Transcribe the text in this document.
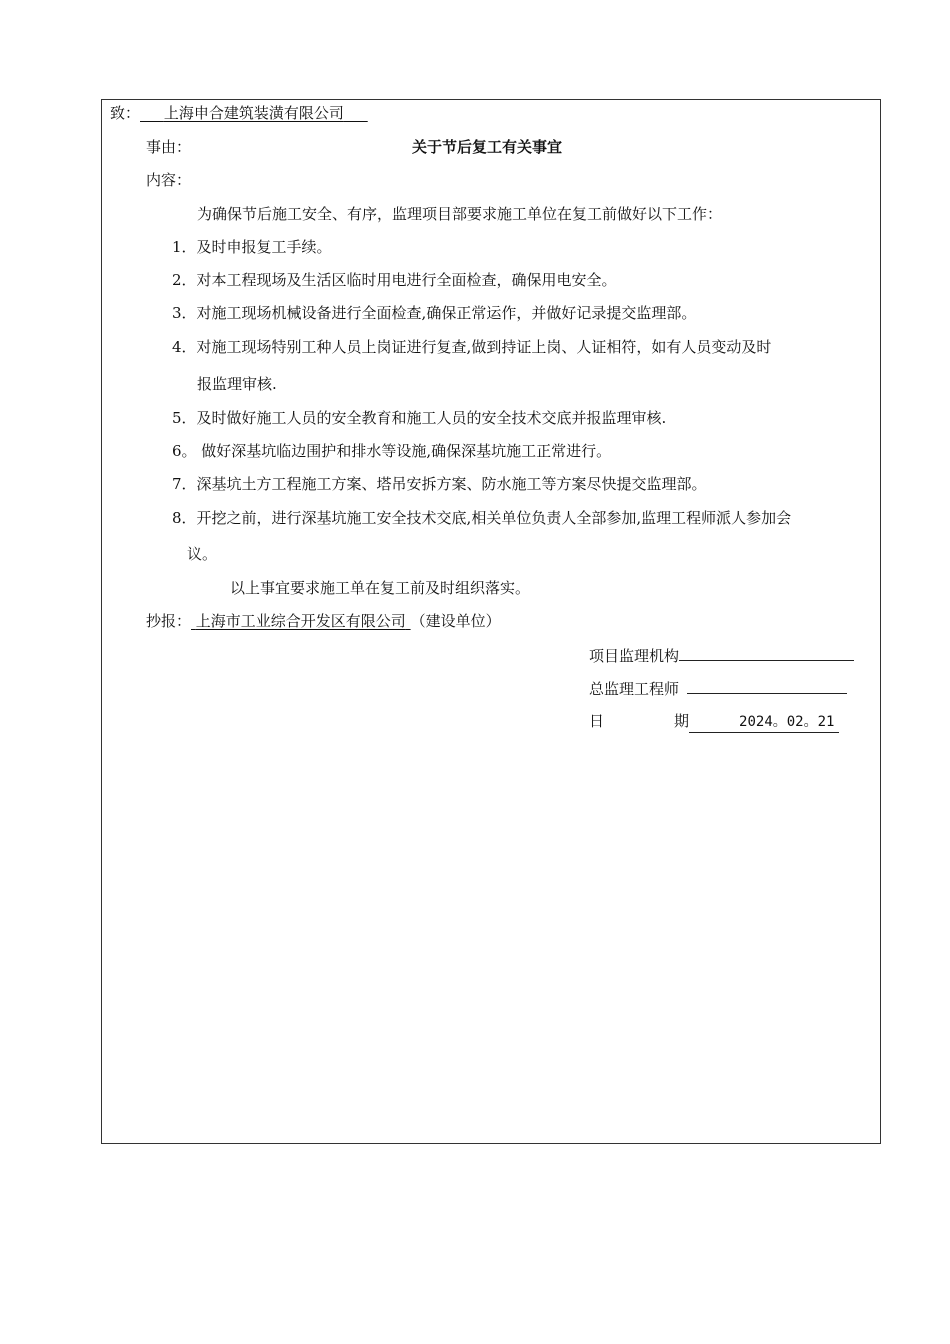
致： 上海申合建筑装潢有限公司
事由：	关于节后复工有关事宜
内容：
为确保节后施工安全、有序，监理项目部要求施工单位在复工前做好以下工作：
1．及时申报复工手续。
2．对本工程现场及生活区临时用电进行全面检查，确保用电安全。
3．对施工现场机械设备进行全面检查,确保正常运作，并做好记录提交监理部。
4．对施工现场特别工种人员上岗证进行复查,做到持证上岗、人证相符，如有人员变动及时
报监理审核.
5．及时做好施工人员的安全教育和施工人员的安全技术交底并报监理审核.
6。 做好深基坑临边围护和排水等设施,确保深基坑施工正常进行。
7．深基坑土方工程施工方案、塔吊安拆方案、防水施工等方案尽快提交监理部。
8．开挖之前，进行深基坑施工安全技术交底,相关单位负责人全部参加,监理工程师派人参加会
议。
以上事宜要求施工单在复工前及时组织落实。
抄报： 上海市工业综合开发区有限公司 （建设单位）
项目监理机构
总监理工程师
日	期	2024。02。21
